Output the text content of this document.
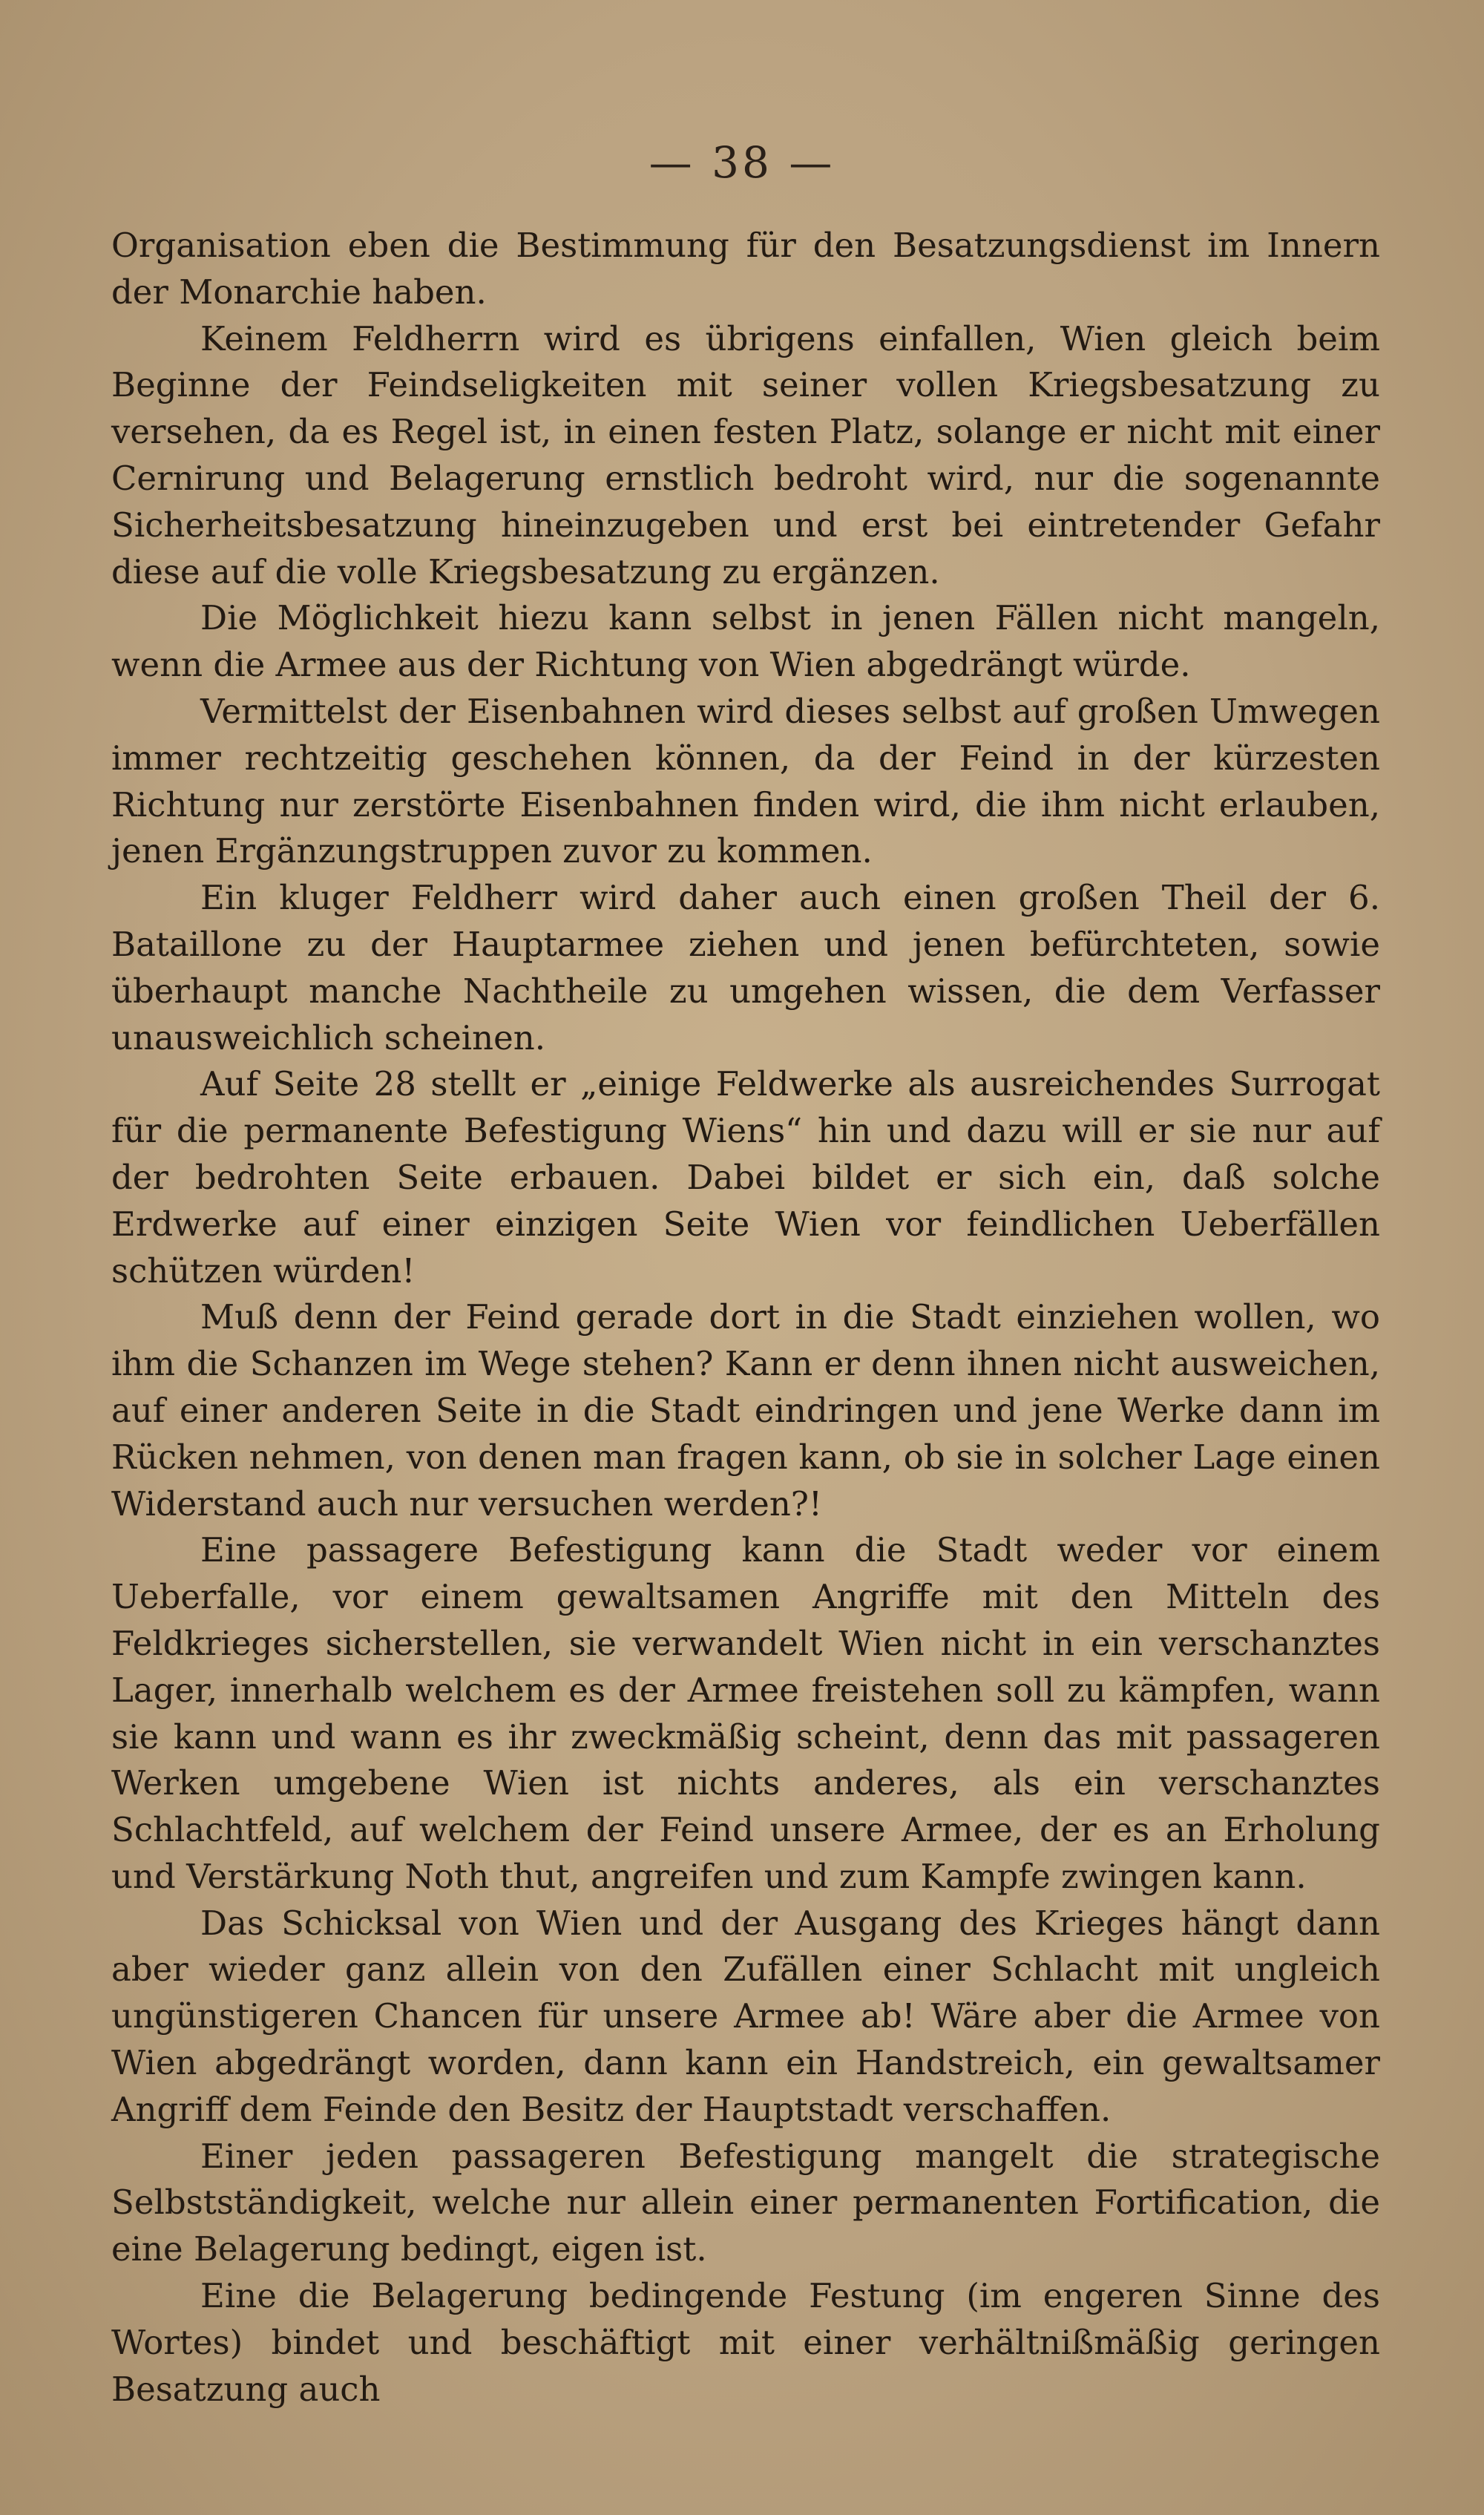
— 38 —

Organisation eben die Bestimmung für den Besatzungsdienst im Innern der Monarchie haben.

Keinem Feldherrn wird es übrigens einfallen, Wien gleich beim Beginne der Feindseligkeiten mit seiner vollen Kriegsbesatzung zu versehen, da es Regel ist, in einen festen Platz, solange er nicht mit einer Cernirung und Belagerung ernstlich bedroht wird, nur die sogenannte Sicherheitsbesatzung hineinzugeben und erst bei eintretender Gefahr diese auf die volle Kriegsbesatzung zu ergänzen.

Die Möglichkeit hiezu kann selbst in jenen Fällen nicht mangeln, wenn die Armee aus der Richtung von Wien abgedrängt würde.

Vermittelst der Eisenbahnen wird dieses selbst auf großen Umwegen immer rechtzeitig geschehen können, da der Feind in der kürzesten Richtung nur zerstörte Eisenbahnen finden wird, die ihm nicht erlauben, jenen Ergänzungstruppen zuvor zu kommen.

Ein kluger Feldherr wird daher auch einen großen Theil der 6. Bataillone zu der Hauptarmee ziehen und jenen befürchteten, sowie überhaupt manche Nachtheile zu umgehen wissen, die dem Verfasser unausweichlich scheinen.

Auf Seite 28 stellt er „einige Feldwerke als ausreichendes Surrogat für die permanente Befestigung Wiens“ hin und dazu will er sie nur auf der bedrohten Seite erbauen. Dabei bildet er sich ein, daß solche Erdwerke auf einer einzigen Seite Wien vor feindlichen Ueberfällen schützen würden!

Muß denn der Feind gerade dort in die Stadt einziehen wollen, wo ihm die Schanzen im Wege stehen? Kann er denn ihnen nicht ausweichen, auf einer anderen Seite in die Stadt eindringen und jene Werke dann im Rücken nehmen, von denen man fragen kann, ob sie in solcher Lage einen Widerstand auch nur versuchen werden?!

Eine passagere Befestigung kann die Stadt weder vor einem Ueberfalle, vor einem gewaltsamen Angriffe mit den Mitteln des Feldkrieges sicherstellen, sie verwandelt Wien nicht in ein verschanztes Lager, innerhalb welchem es der Armee freistehen soll zu kämpfen, wann sie kann und wann es ihr zweckmäßig scheint, denn das mit passageren Werken umgebene Wien ist nichts anderes, als ein verschanztes Schlachtfeld, auf welchem der Feind unsere Armee, der es an Erholung und Verstärkung Noth thut, angreifen und zum Kampfe zwingen kann.

Das Schicksal von Wien und der Ausgang des Krieges hängt dann aber wieder ganz allein von den Zufällen einer Schlacht mit ungleich ungünstigeren Chancen für unsere Armee ab! Wäre aber die Armee von Wien abgedrängt worden, dann kann ein Handstreich, ein gewaltsamer Angriff dem Feinde den Besitz der Hauptstadt verschaffen.

Einer jeden passageren Befestigung mangelt die strategische Selbstständigkeit, welche nur allein einer permanenten Fortification, die eine Belagerung bedingt, eigen ist.

Eine die Belagerung bedingende Festung (im engeren Sinne des Wortes) bindet und beschäftigt mit einer verhältnißmäßig geringen Besatzung auch
